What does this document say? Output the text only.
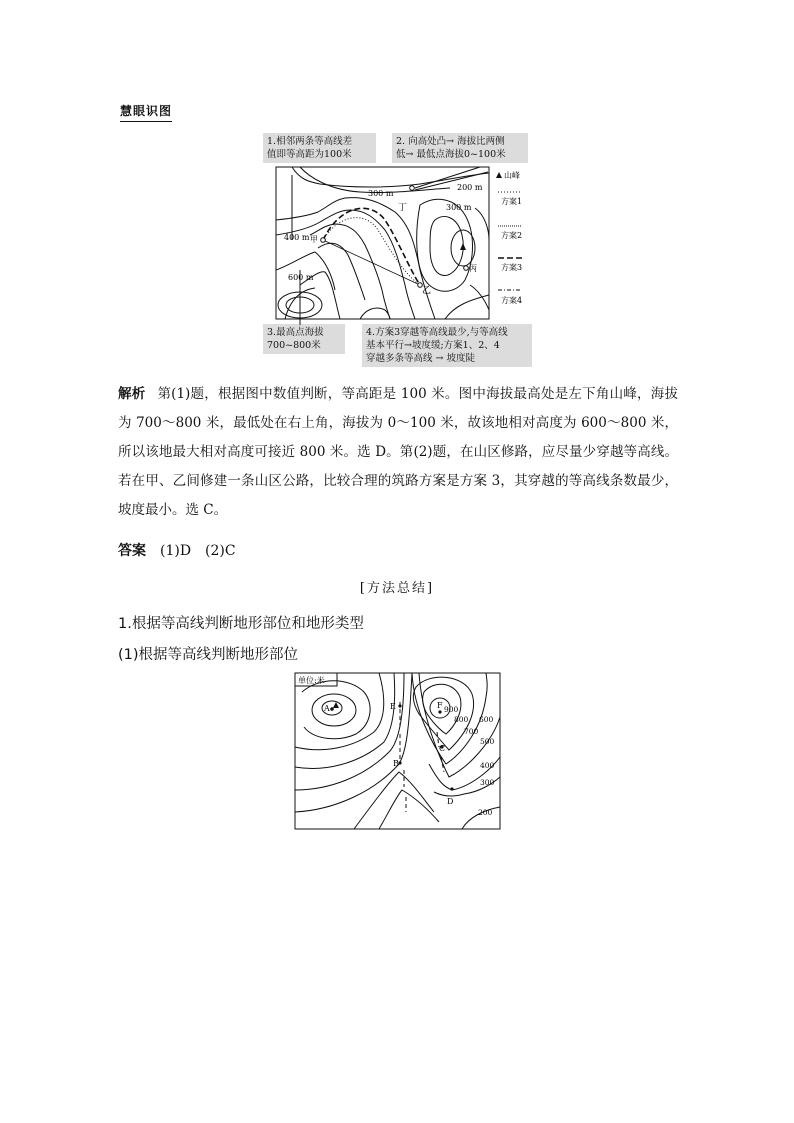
慧眼识图
1.相邻两条等高线差
值即等高距为100米
2. 向高处凸→ 海拔比两侧
低→ 最低点海拔0~100米
3.最高点海拔
700~800米
4.方案3穿越等高线最少,与等高线
基本平行→坡度缓;方案1、2、4
穿越多条等高线 → 坡度陡
300 m
200 m
300 m
400 m 甲
600 m
丁
乙
丙
山峰
方案1
方案2
方案3
方案4
解析 第(1)题，根据图中数值判断，等高距是 100 米。图中海拔最高处是左下角山峰，海拔为 700～800 米，最低处在右上角，海拔为 0～100 米，故该地相对高度为 600～800 米，所以该地最大相对高度可接近 800 米。选 D。第(2)题，在山区修路，应尽量少穿越等高线。若在甲、乙间修建一条山区公路，比较合理的筑路方案是方案 3，其穿越的等高线条数最少，坡度最小。选 C。
答案 (1)D　(2)C
[方法总结]
1.根据等高线判断地形部位和地形类型
(1)根据等高线判断地形部位
单位:米
A	E	F
B
C
D
900
800
700
600
500
400
300
200
